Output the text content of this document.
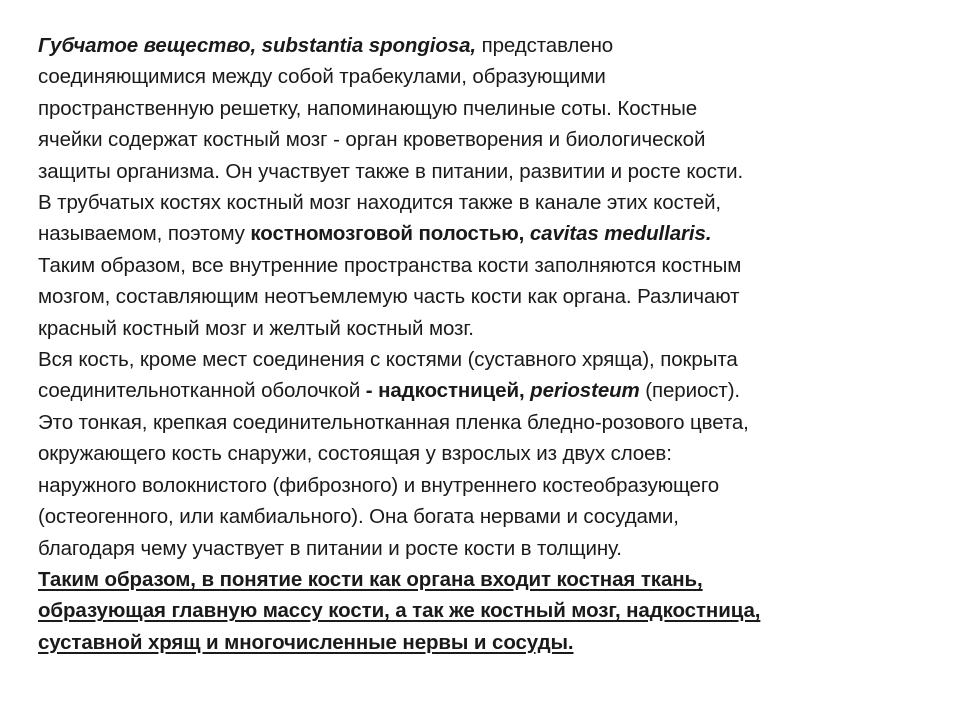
Губчатое вещество, substantia spongiosa, представлено
соединяющимися между собой трабекулами, образующими
пространственную решетку, напоминающую пчелиные соты. Костные
ячейки содержат костный мозг - орган кроветворения и биологической
защиты организма. Он участвует также в питании, развитии и росте кости.
В трубчатых костях костный мозг находится также в канале этих костей,
называемом, поэтому костномозговой полостью, cavitas medullaris.
Таким образом, все внутренние пространства кости заполняются костным
мозгом, составляющим неотъемлемую часть кости как органа. Различают
красный костный мозг и желтый костный мозг.
Вся кость, кроме мест соединения с костями (суставного хряща), покрыта
соединительнотканной оболочкой - надкостницей, periosteum (периост).
Это тонкая, крепкая соединительнотканная пленка бледно-розового цвета,
окружающего кость снаружи, состоящая у взрослых из двух слоев:
наружного волокнистого (фиброзного) и внутреннего костеобразующего
(остеогенного, или камбиального). Она богата нервами и сосудами,
благодаря чему участвует в питании и росте кости в толщину.
Таким образом, в понятие кости как органа входит костная ткань,
образующая главную массу кости, а так же костный мозг, надкостница,
суставной хрящ и многочисленные нервы и сосуды.
